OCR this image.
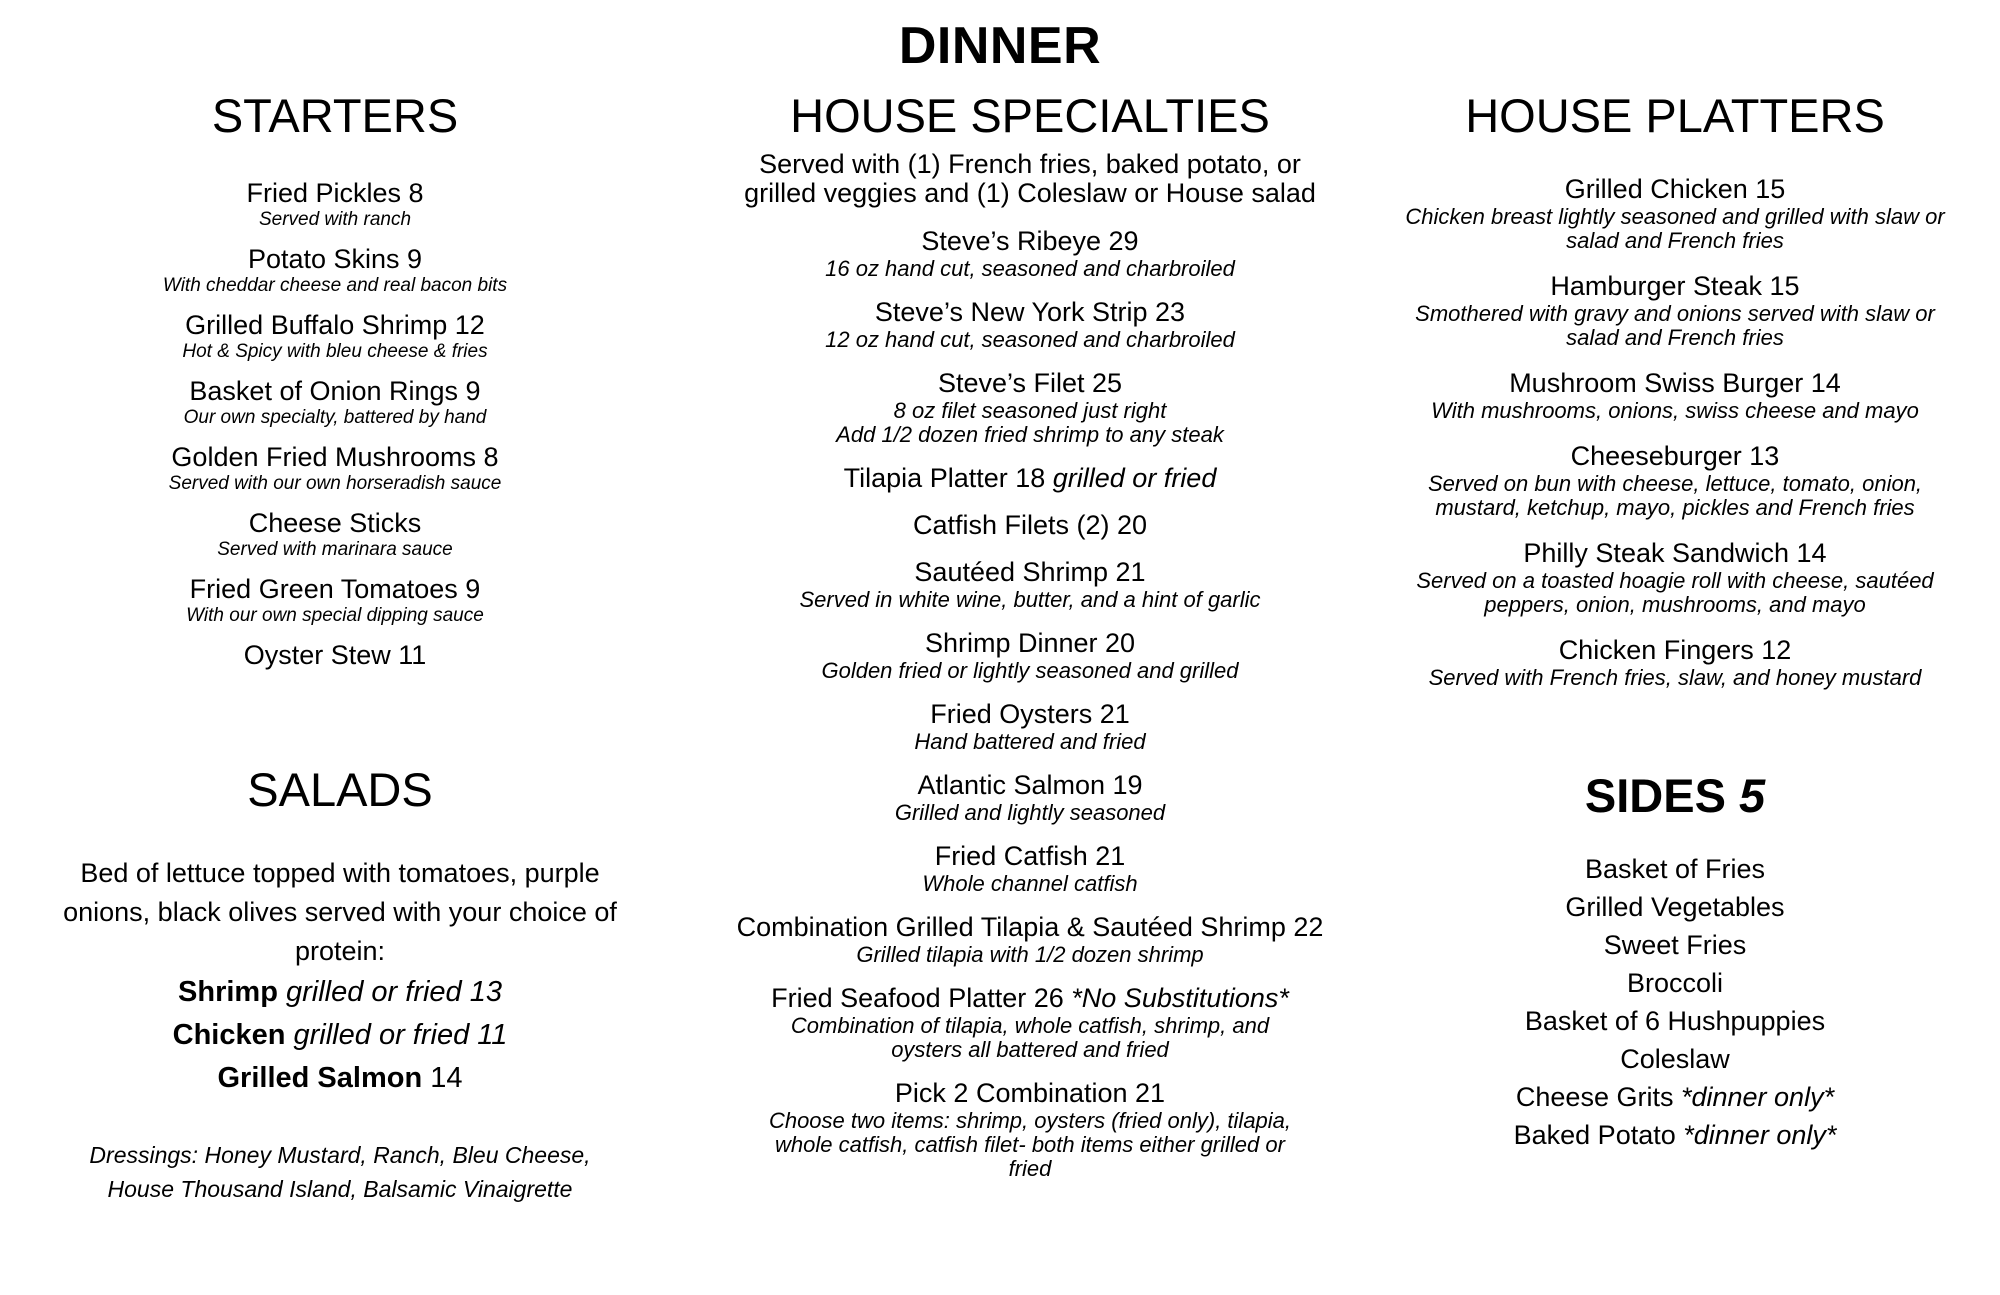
DINNER
STARTERS
Fried Pickles 8
Served with ranch
Potato Skins 9
With cheddar cheese and real bacon bits
Grilled Buffalo Shrimp 12
Hot & Spicy with bleu cheese & fries
Basket of Onion Rings 9
Our own specialty, battered by hand
Golden Fried Mushrooms 8
Served with our own horseradish sauce
Cheese Sticks
Served with marinara sauce
Fried Green Tomatoes 9
With our own special dipping sauce
Oyster Stew 11
SALADS
Bed of lettuce topped with tomatoes, purple onions, black olives served with your choice of protein:
Shrimp grilled or fried 13
Chicken grilled or fried 11
Grilled Salmon 14
Dressings: Honey Mustard, Ranch, Bleu Cheese,
House Thousand Island, Balsamic Vinaigrette
HOUSE SPECIALTIES
Served with (1) French fries, baked potato, or
grilled veggies and (1) Coleslaw or House salad
Steve’s Ribeye 29
16 oz hand cut, seasoned and charbroiled
Steve’s New York Strip 23
12 oz hand cut, seasoned and charbroiled
Steve’s Filet 25
8 oz filet seasoned just right
Add 1/2 dozen fried shrimp to any steak
Tilapia Platter 18 grilled or fried
Catfish Filets (2) 20
Sautéed Shrimp 21
Served in white wine, butter, and a hint of garlic
Shrimp Dinner 20
Golden fried or lightly seasoned and grilled
Fried Oysters 21
Hand battered and fried
Atlantic Salmon 19
Grilled and lightly seasoned
Fried Catfish 21
Whole channel catfish
Combination Grilled Tilapia & Sautéed Shrimp 22
Grilled tilapia with 1/2 dozen shrimp
Fried Seafood Platter 26 *No Substitutions*
Combination of tilapia, whole catfish, shrimp, and
oysters all battered and fried
Pick 2 Combination 21
Choose two items: shrimp, oysters (fried only), tilapia,
whole catfish, catfish filet- both items either grilled or
fried
HOUSE PLATTERS
Grilled Chicken 15
Chicken breast lightly seasoned and grilled with slaw or
salad and French fries
Hamburger Steak 15
Smothered with gravy and onions served with slaw or
salad and French fries
Mushroom Swiss Burger 14
With mushrooms, onions, swiss cheese and mayo
Cheeseburger 13
Served on bun with cheese, lettuce, tomato, onion,
mustard, ketchup, mayo, pickles and French fries
Philly Steak Sandwich 14
Served on a toasted hoagie roll with cheese, sautéed
peppers, onion, mushrooms, and mayo
Chicken Fingers 12
Served with French fries, slaw, and honey mustard
SIDES 5
Basket of Fries
Grilled Vegetables
Sweet Fries
Broccoli
Basket of 6 Hushpuppies
Coleslaw
Cheese Grits *dinner only*
Baked Potato *dinner only*
